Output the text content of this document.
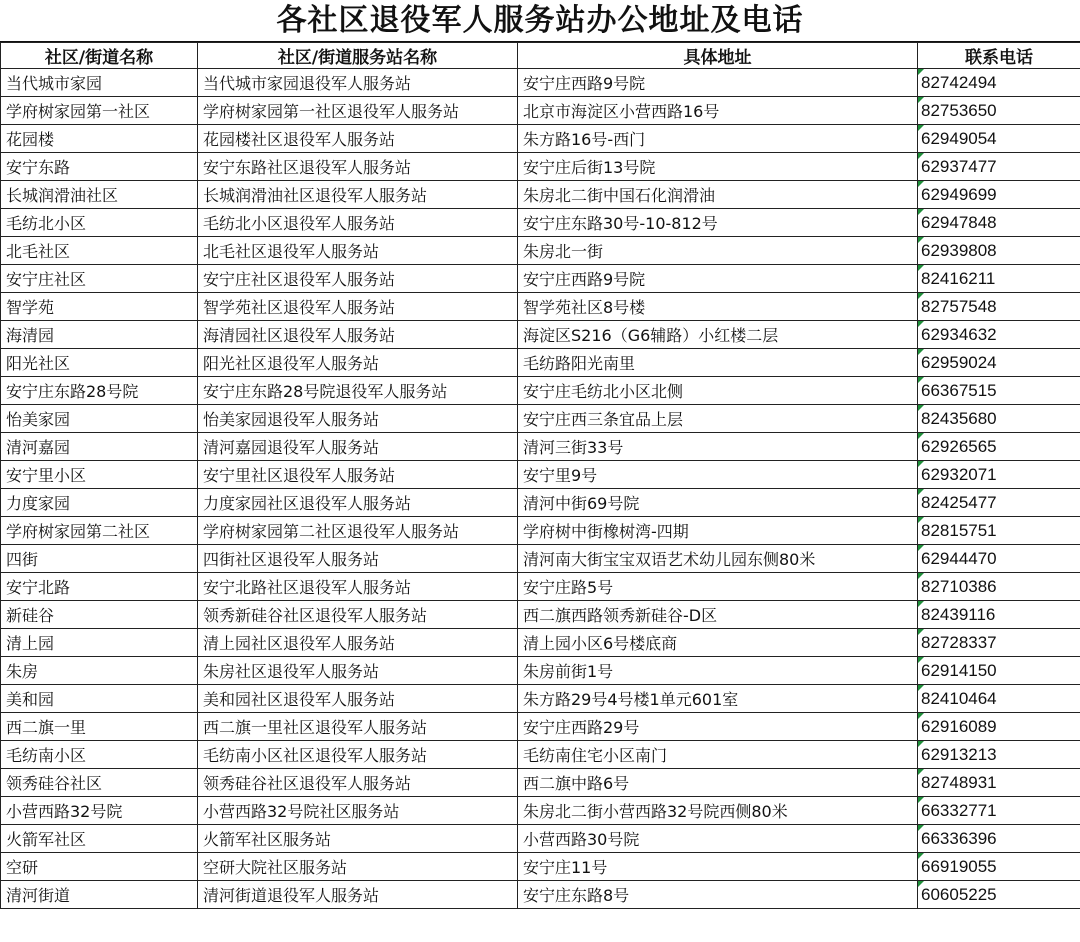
各社区退役军人服务站办公地址及电话
社区/街道名称	社区/街道服务站名称	具体地址	联系电话
当代城市家园	当代城市家园退役军人服务站	安宁庄西路9号院	82742494
学府树家园第一社区	学府树家园第一社区退役军人服务站	北京市海淀区小营西路16号	82753650
花园楼	花园楼社区退役军人服务站	朱方路16号-西门	62949054
安宁东路	安宁东路社区退役军人服务站	安宁庄后街13号院	62937477
长城润滑油社区	长城润滑油社区退役军人服务站	朱房北二街中国石化润滑油	62949699
毛纺北小区	毛纺北小区退役军人服务站	安宁庄东路30号-10-812号	62947848
北毛社区	北毛社区退役军人服务站	朱房北一街	62939808
安宁庄社区	安宁庄社区退役军人服务站	安宁庄西路9号院	82416211
智学苑	智学苑社区退役军人服务站	智学苑社区8号楼	82757548
海清园	海清园社区退役军人服务站	海淀区S216（G6辅路）小红楼二层	62934632
阳光社区	阳光社区退役军人服务站	毛纺路阳光南里	62959024
安宁庄东路28号院	安宁庄东路28号院退役军人服务站	安宁庄毛纺北小区北侧	66367515
怡美家园	怡美家园退役军人服务站	安宁庄西三条宜品上层	82435680
清河嘉园	清河嘉园退役军人服务站	清河三街33号	62926565
安宁里小区	安宁里社区退役军人服务站	安宁里9号	62932071
力度家园	力度家园社区退役军人服务站	清河中街69号院	82425477
学府树家园第二社区	学府树家园第二社区退役军人服务站	学府树中街橡树湾-四期	82815751
四街	四街社区退役军人服务站	清河南大街宝宝双语艺术幼儿园东侧80米	62944470
安宁北路	安宁北路社区退役军人服务站	安宁庄路5号	82710386
新硅谷	领秀新硅谷社区退役军人服务站	西二旗西路领秀新硅谷-D区	82439116
清上园	清上园社区退役军人服务站	清上园小区6号楼底商	82728337
朱房	朱房社区退役军人服务站	朱房前街1号	62914150
美和园	美和园社区退役军人服务站	朱方路29号4号楼1单元601室	82410464
西二旗一里	西二旗一里社区退役军人服务站	安宁庄西路29号	62916089
毛纺南小区	毛纺南小区社区退役军人服务站	毛纺南住宅小区南门	62913213
领秀硅谷社区	领秀硅谷社区退役军人服务站	西二旗中路6号	82748931
小营西路32号院	小营西路32号院社区服务站	朱房北二街小营西路32号院西侧80米	66332771
火箭军社区	火箭军社区服务站	小营西路30号院	66336396
空研	空研大院社区服务站	安宁庄11号	66919055
清河街道	清河街道退役军人服务站	安宁庄东路8号	60605225
